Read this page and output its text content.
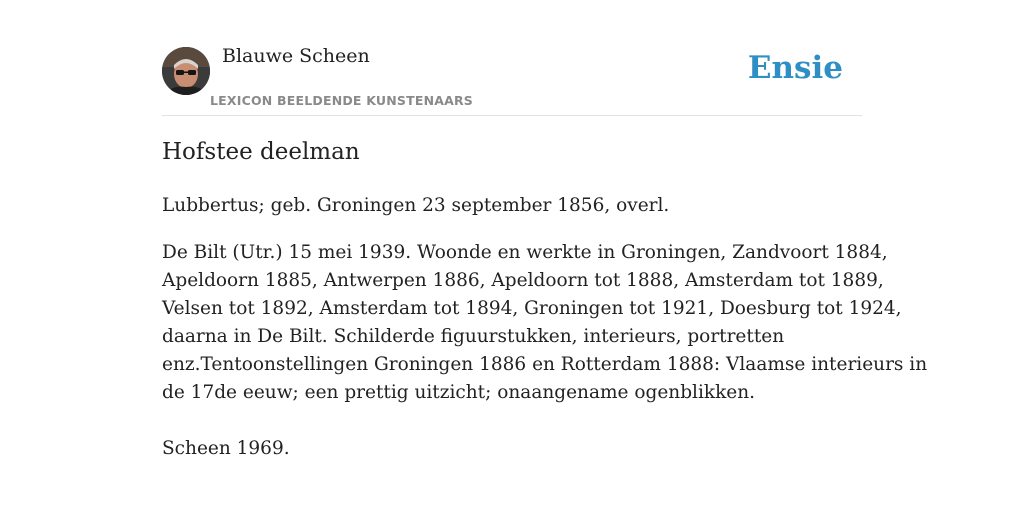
Blauwe Scheen
LEXICON BEELDENDE KUNSTENAARS
Ensie
Hofstee deelman

Lubbertus; geb. Groningen 23 september 1856, overl.

De Bilt (Utr.) 15 mei 1939. Woonde en werkte in Groningen, Zandvoort 1884,
Apeldoorn 1885, Antwerpen 1886, Apeldoorn tot 1888, Amsterdam tot 1889,
Velsen tot 1892, Amsterdam tot 1894, Groningen tot 1921, Doesburg tot 1924,
daarna in De Bilt. Schilderde figuurstukken, interieurs, portretten
enz.Tentoonstellingen Groningen 1886 en Rotterdam 1888: Vlaamse interieurs in
de 17de eeuw; een prettig uitzicht; onaangename ogenblikken.

Scheen 1969.
